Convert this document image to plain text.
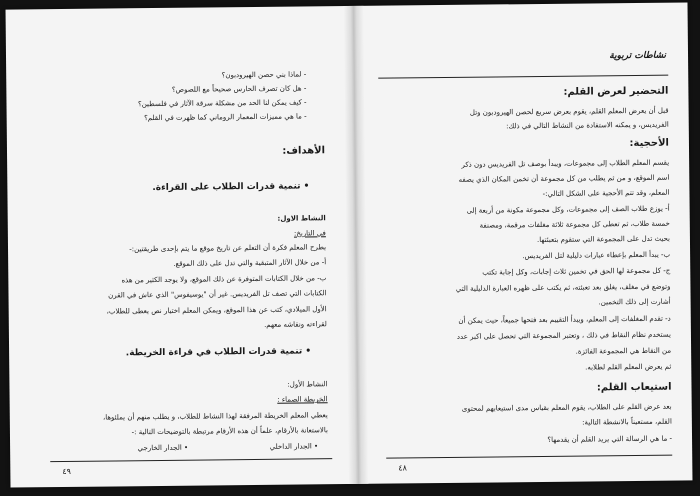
- لماذا بني حصن الهيرودبون؟
- هل كان تصرف الحارس صحيحاً مع اللصوص؟
- كيف يمكن لنا الحد من مشكلة سرقة الآثار في فلسطين؟
- ما هي مميزات المعمار الروماني كما ظهرت في القلم؟
الأهداف:
• تنمية قدرات الطلاب على القراءة.
النشاط الاول:
في التاريخ:
يطرح المعلم فكرة أن التعلم عن تاريخ موقع ما يتم بإحدى طريقتين:-
أ- من خلال الآثار المتبقية والتي تدل على ذلك الموقع.
ب- من خلال الكتابات المتوفرة عن ذلك الموقع، ولا يوجد الكثير من هذه
الكتابات التي تصف تل الفريديس. غير أن "يوسيفوس" الذي عاش في القرن
الأول الميلادي، كتب عن هذا الموقع، ويمكن المعلم اختيار نص يعطى للطلاب،
لقراءته ونقاشه معهم.
• تنمية قدرات الطلاب في قراءة الخريطة.
النشاط الأول:
الخريطة الصماء :
يعطي المعلم الخريطة المرفقة لهذا النشاط للطلاب، و يطلب منهم أن يملئوها،
بالاستعانة بالأرقام، علماً أن هذه الأرقام مرتبطة بالتوضيحات التالية :-
• الجدار الداخلي
• الجدار الخارجي
٤٩
نشاطات تربوية
التحضير لعرض القلم:
قبل أن يعرض المعلم القلم، يقوم بعرض سريع لحصن الهيرودبون وتل
الفريديس، و يمكنه الاستفادة من النشاط التالي في ذلك:
الأحجية:
يقسم المعلم الطلاب إلى مجموعات، ويبدأ بوصف تل الفريديس دون ذكر
اسم الموقع، و من ثم يطلب من كل مجموعة أن تخمن المكان الذي يصفه
المعلم، وقد تتم الأحجية على الشكل التالي:-
أ- يوزع طلاب الصف إلى مجموعات، وكل مجموعة مكونة من أربعة إلى
خمسة طلاب، ثم تعطى كل مجموعة ثلاثة مغلفات مرقمة، ومصنفة
بحيث تدل على المجموعة التي ستقوم بتعبئتها.
ب- يبدأ المعلم بإعطاء عبارات دليلية لتل الفريديس.
ج- كل مجموعة لها الحق في تخمين ثلاث إجابات، وكل إجابة تكتب
وتوضع في مغلف، يغلق بعد تعبئته، ثم يكتب على ظهره العبارة الدليلية التي
أشارت إلى ذلك التخمين.
د- تقدم المغلفات إلى المعلم، ويبدأ التقييم بعد فتحها جميعاً، حيث يمكن أن
يستخدم نظام النقاط في ذلك ، وتعتبر المجموعة التي تحصل على اكبر عدد
من النقاط هي المجموعة الفائزة.
ثم يعرض المعلم القلم لطلابه.
استيعاب القلم:
بعد عرض القلم على الطلاب، يقوم المعلم بقياس مدى استيعابهم لمحتوى
القلم، مستعيناً بالانشطة التالية:
- ما هي الرسالة التي يريد القلم أن يقدمها؟
٤٨
